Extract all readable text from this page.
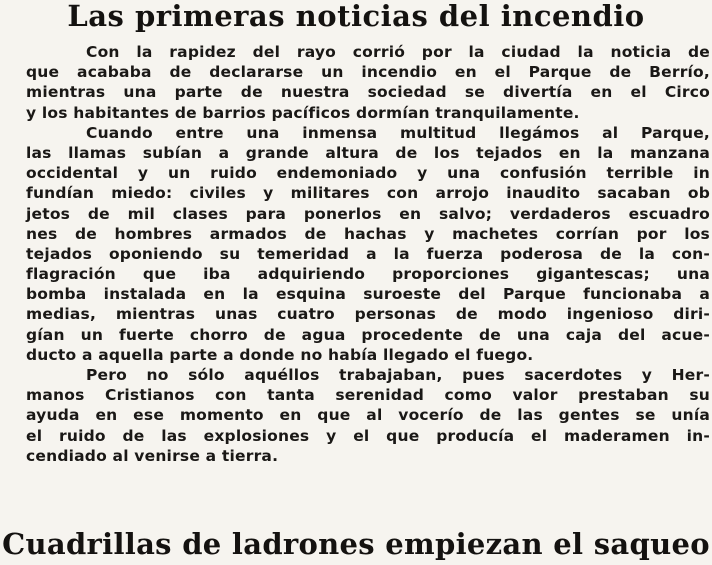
Las primeras noticias del incendio
Con la rapidez del rayo corrió por la ciudad la noticia de
que acababa de declararse un incendio en el Parque de Berrío,
mientras una parte de nuestra sociedad se divertía en el Circo
y los habitantes de barrios pacíficos dormían tranquilamente.
Cuando entre una inmensa multitud llegámos al Parque,
las llamas subían a grande altura de los tejados en la manzana
occidental y un ruido endemoniado y una confusión terrible in
fundían miedo: civiles y militares con arrojo inaudito sacaban ob
jetos de mil clases para ponerlos en salvo; verdaderos escuadro
nes de hombres armados de hachas y machetes corrían por los
tejados oponiendo su temeridad a la fuerza poderosa de la con-
flagración que iba adquiriendo proporciones gigantescas; una
bomba instalada en la esquina suroeste del Parque funcionaba a
medias, mientras unas cuatro personas de modo ingenioso diri-
gían un fuerte chorro de agua procedente de una caja del acue-
ducto a aquella parte a donde no había llegado el fuego.
Pero no sólo aquéllos trabajaban, pues sacerdotes y Her-
manos Cristianos con tanta serenidad como valor prestaban su
ayuda en ese momento en que al vocerío de las gentes se unía
el ruido de las explosiones y el que producía el maderamen in-
cendiado al venirse a tierra.
Cuadrillas de ladrones empiezan el saqueo
